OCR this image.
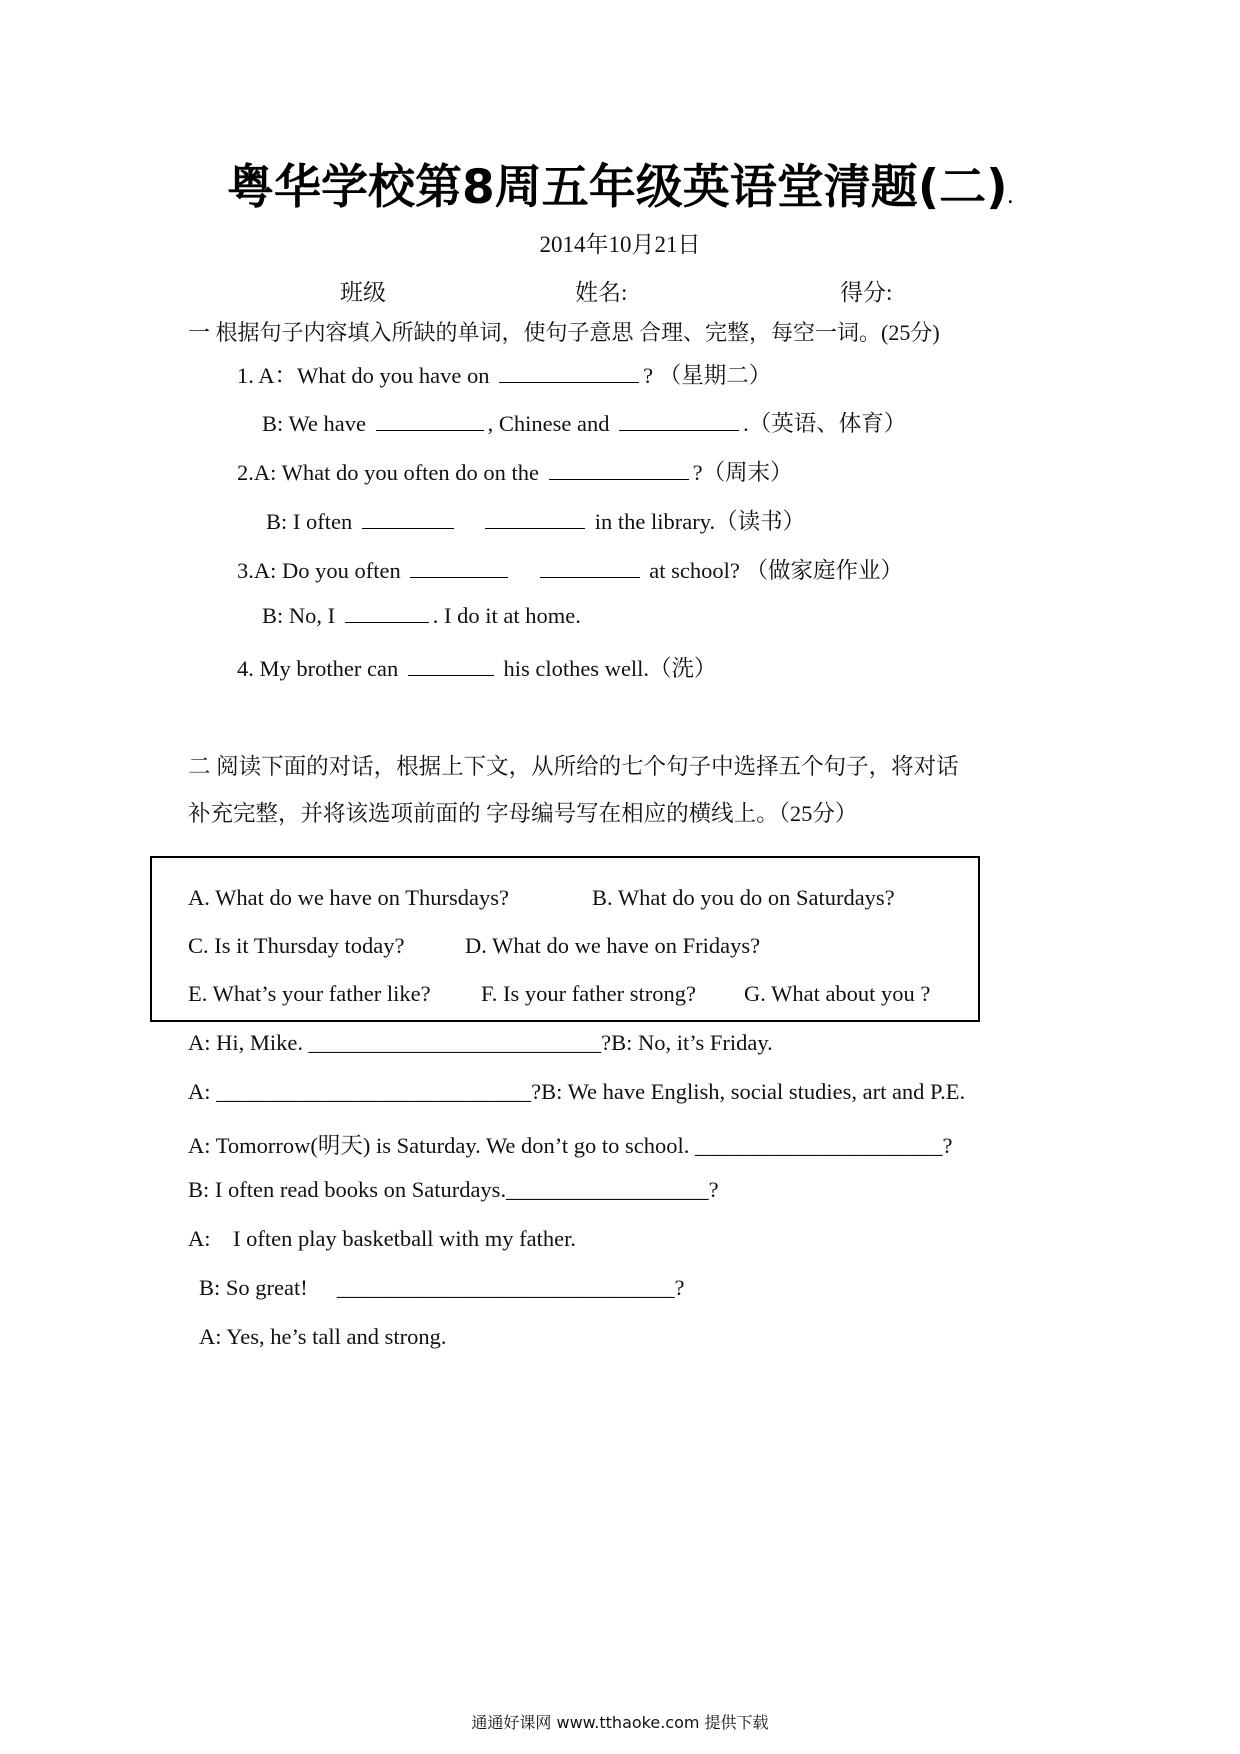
粤华学校第8周五年级英语堂清题(二).
2014年10月21日
班级	姓名:	得分:
一 根据句子内容填入所缺的单词，使句子意思 合理、完整，每空一词。(25分)
1. A：What do you have on	? （星期二）
B: We have	, Chinese and	.（英语、体育）
2.A: What do you often do on the	?（周末）
B: I often	in the library.（读书）
3.A: Do you often	at school? （做家庭作业）
B: No, I	. I do it at home.
4. My brother can	his clothes well.（洗）
二 阅读下面的对话，根据上下文，从所给的七个句子中选择五个句子，将对话
补充完整，并将该选项前面的 字母编号写在相应的横线上。（25分）
A. What do we have on Thursdays?	B. What do you do on Saturdays?
C. Is it Thursday today?	D. What do we have on Fridays?
E. What’s your father like? F. Is your father strong? G. What about you ?
A: Hi, Mike. __________________________?B: No, it’s Friday.
A: ____________________________?B: We have English, social studies, art and P.E.
A: Tomorrow(明天) is Saturday. We don’t go to school. ______________________?
B: I often read books on Saturdays.__________________?
A:    I often play basketball with my father.
B: So great! ______________________________?
A: Yes, he’s tall and strong.
通通好课网 www.tthaoke.com 提供下载
